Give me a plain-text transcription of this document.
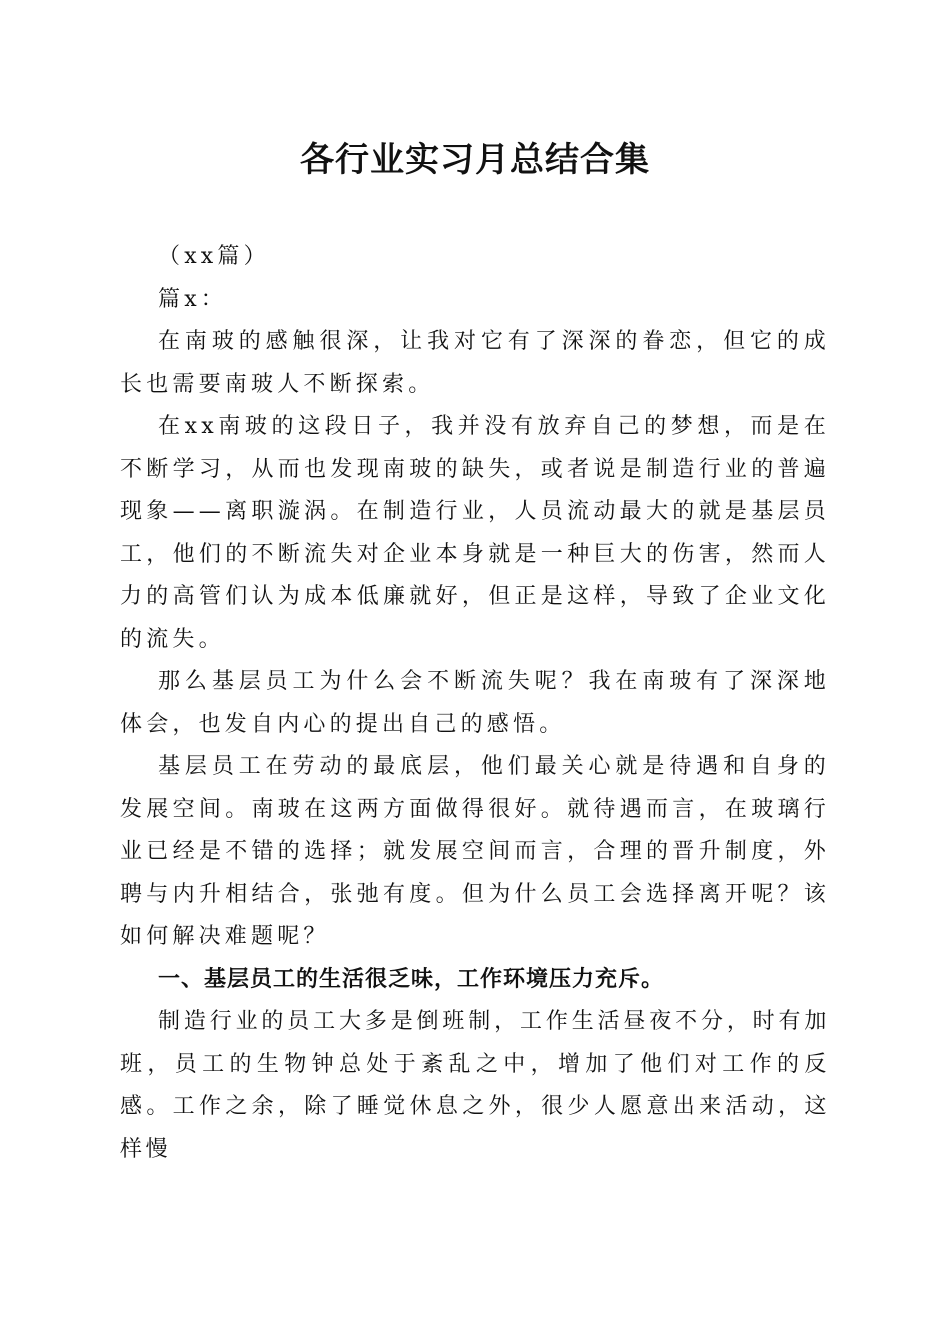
各行业实习月总结合集

（xx篇）

篇x：

在南玻的感触很深，让我对它有了深深的眷恋，但它的成长也需要南玻人不断探索。

在xx南玻的这段日子，我并没有放弃自己的梦想，而是在不断学习，从而也发现南玻的缺失，或者说是制造行业的普遍现象——离职漩涡。在制造行业，人员流动最大的就是基层员工，他们的不断流失对企业本身就是一种巨大的伤害，然而人力的高管们认为成本低廉就好，但正是这样，导致了企业文化的流失。

那么基层员工为什么会不断流失呢？我在南玻有了深深地体会，也发自内心的提出自己的感悟。

基层员工在劳动的最底层，他们最关心就是待遇和自身的发展空间。南玻在这两方面做得很好。就待遇而言，在玻璃行业已经是不错的选择；就发展空间而言，合理的晋升制度，外聘与内升相结合，张弛有度。但为什么员工会选择离开呢？该如何解决难题呢？

一、基层员工的生活很乏味，工作环境压力充斥。

制造行业的员工大多是倒班制，工作生活昼夜不分，时有加班，员工的生物钟总处于紊乱之中，增加了他们对工作的反感。工作之余，除了睡觉休息之外，很少人愿意出来活动，这样慢
